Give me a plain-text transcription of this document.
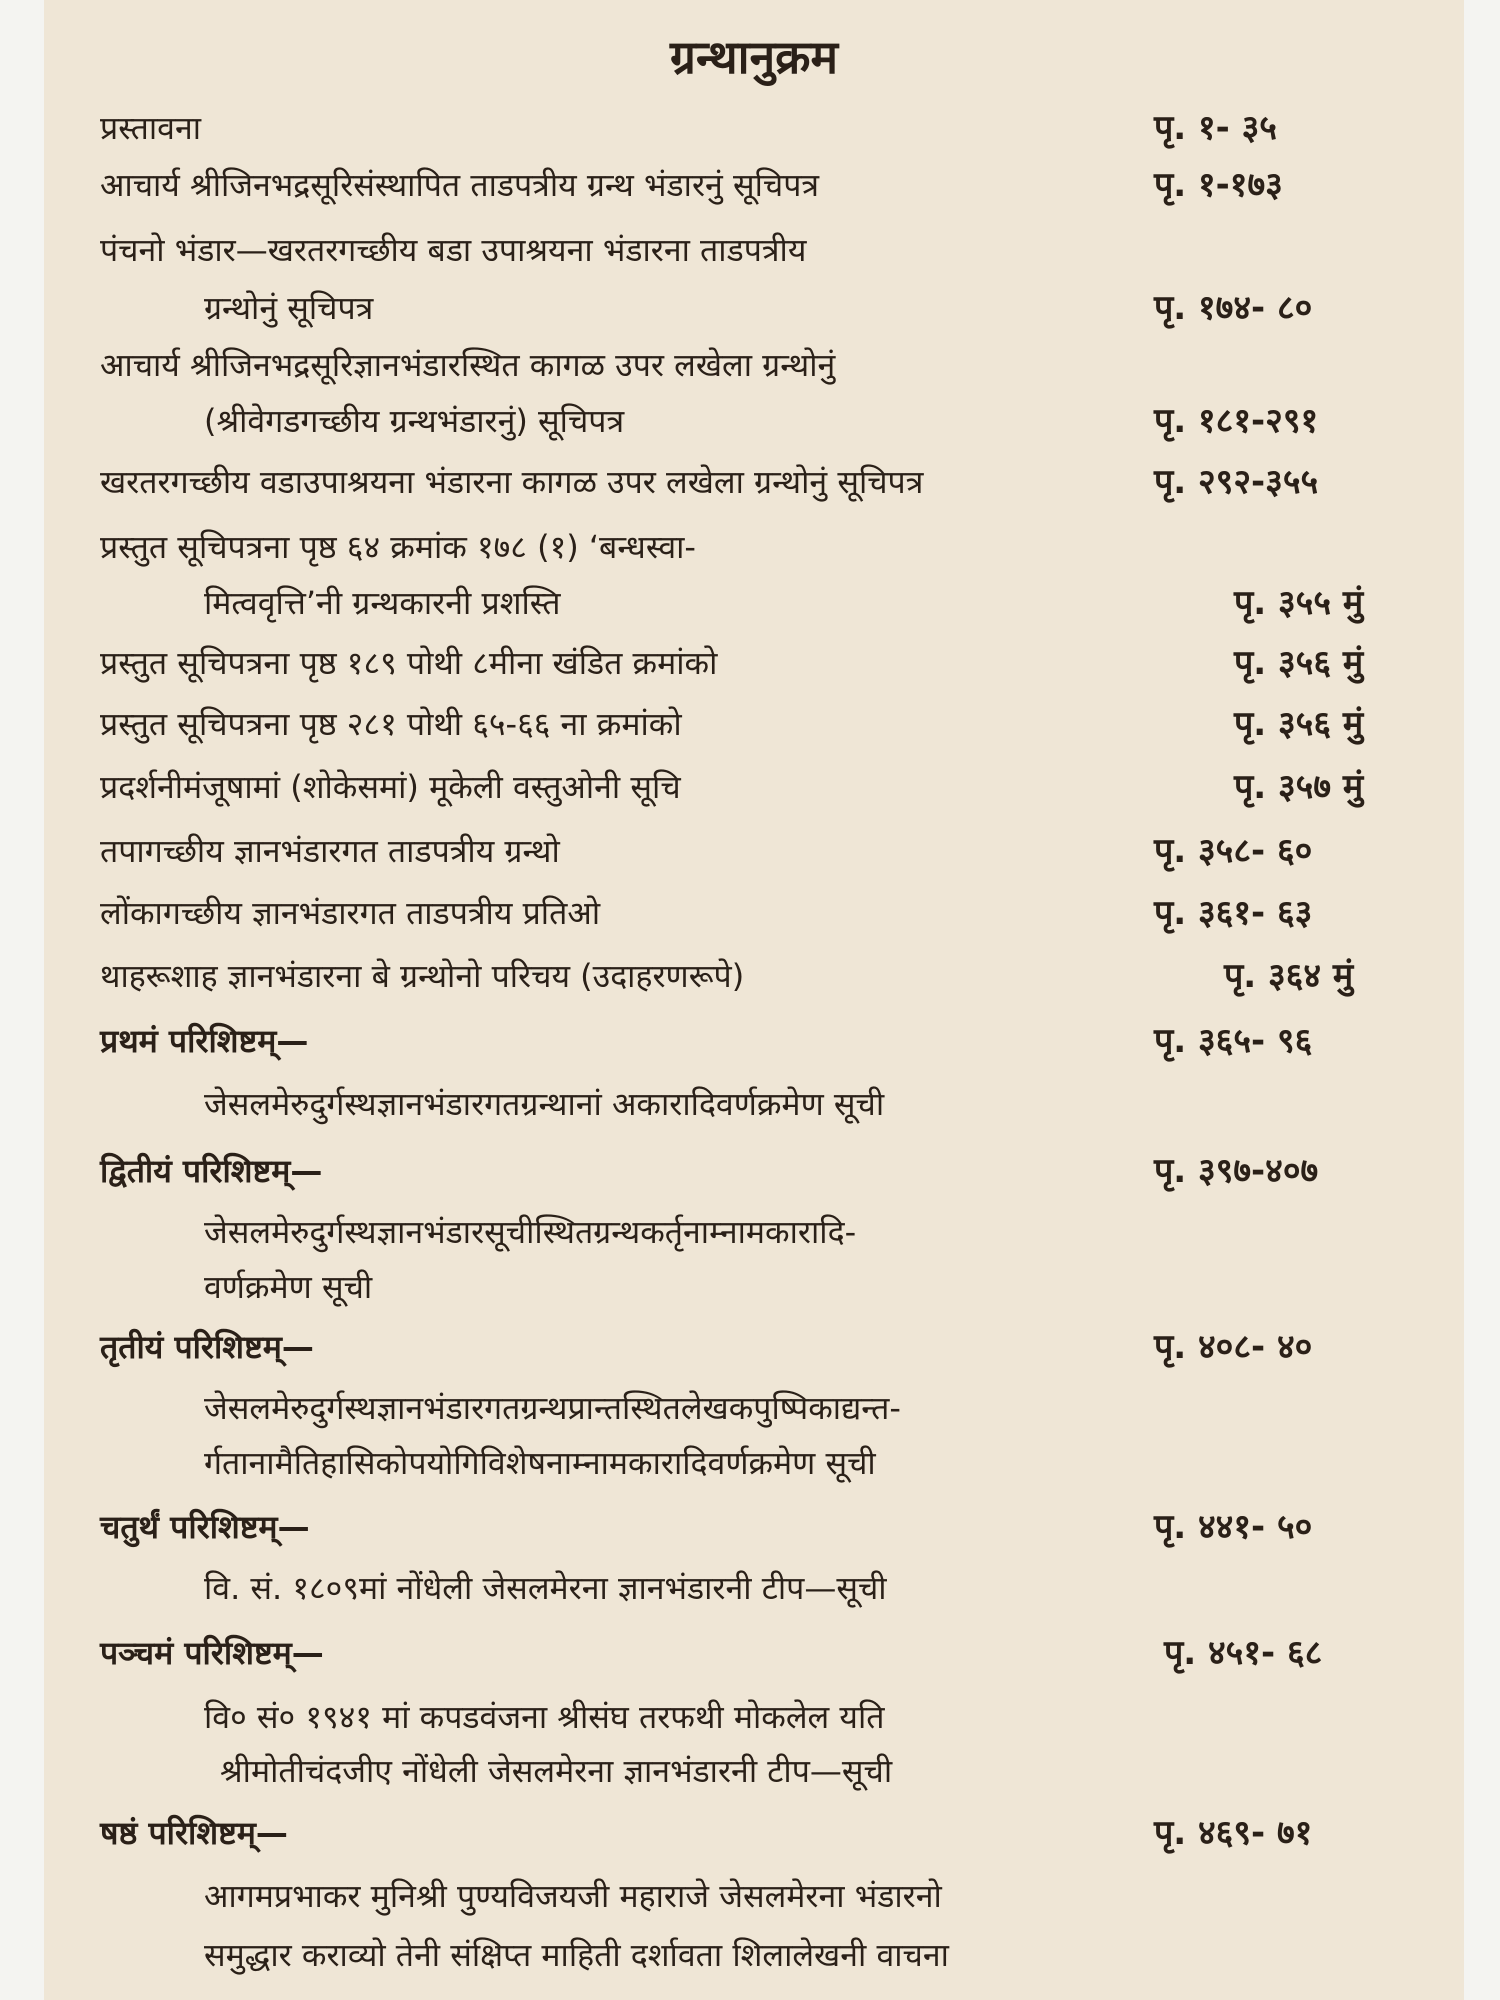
ग्रन्थानुक्रम
प्रस्तावना	पृ. १- ३५
आचार्य श्रीजिनभद्रसूरिसंस्थापित ताडपत्रीय ग्रन्थ भंडारनुं सूचिपत्र	पृ. १-१७३
पंचनो भंडार—खरतरगच्छीय बडा उपाश्रयना भंडारना ताडपत्रीय
ग्रन्थोनुं सूचिपत्र	पृ. १७४- ८०
आचार्य श्रीजिनभद्रसूरिज्ञानभंडारस्थित कागळ उपर लखेला ग्रन्थोनुं
(श्रीवेगडगच्छीय ग्रन्थभंडारनुं) सूचिपत्र	पृ. १८१-२९१
खरतरगच्छीय वडाउपाश्रयना भंडारना कागळ उपर लखेला ग्रन्थोनुं सूचिपत्र	पृ. २९२-३५५
प्रस्तुत सूचिपत्रना पृष्ठ ६४ क्रमांक १७८ (१) ‘बन्धस्वा-
मित्ववृत्ति’नी ग्रन्थकारनी प्रशस्ति	पृ. ३५५ मुं
प्रस्तुत सूचिपत्रना पृष्ठ १८९ पोथी ८मीना खंडित क्रमांको	पृ. ३५६ मुं
प्रस्तुत सूचिपत्रना पृष्ठ २८१ पोथी ६५-६६ ना क्रमांको	पृ. ३५६ मुं
प्रदर्शनीमंजूषामां (शोकेसमां) मूकेली वस्तुओनी सूचि	पृ. ३५७ मुं
तपागच्छीय ज्ञानभंडारगत ताडपत्रीय ग्रन्थो	पृ. ३५८- ६०
लोंकागच्छीय ज्ञानभंडारगत ताडपत्रीय प्रतिओ	पृ. ३६१- ६३
थाहरूशाह ज्ञानभंडारना बे ग्रन्थोनो परिचय (उदाहरणरूपे)	पृ. ३६४ मुं
प्रथमं परिशिष्टम्—	पृ. ३६५- ९६
जेसलमेरुदुर्गस्थज्ञानभंडारगतग्रन्थानां अकारादिवर्णक्रमेण सूची
द्वितीयं परिशिष्टम्—	पृ. ३९७-४०७
जेसलमेरुदुर्गस्थज्ञानभंडारसूचीस्थितग्रन्थकर्तृनाम्नामकारादि-
वर्णक्रमेण सूची
तृतीयं परिशिष्टम्—	पृ. ४०८- ४०
जेसलमेरुदुर्गस्थज्ञानभंडारगतग्रन्थप्रान्तस्थितलेखकपुष्पिकाद्यन्त-
र्गतानामैतिहासिकोपयोगिविशेषनाम्नामकारादिवर्णक्रमेण सूची
चतुर्थं परिशिष्टम्—	पृ. ४४१- ५०
वि. सं. १८०९मां नोंधेली जेसलमेरना ज्ञानभंडारनी टीप—सूची
पञ्चमं परिशिष्टम्—	पृ. ४५१- ६८
वि० सं० १९४१ मां कपडवंजना श्रीसंघ तरफथी मोकलेल यति
श्रीमोतीचंदजीए नोंधेली जेसलमेरना ज्ञानभंडारनी टीप—सूची
षष्ठं परिशिष्टम्—	पृ. ४६९- ७१
आगमप्रभाकर मुनिश्री पुण्यविजयजी महाराजे जेसलमेरना भंडारनो
समुद्धार कराव्यो तेनी संक्षिप्त माहिती दर्शावता शिलालेखनी वाचना
